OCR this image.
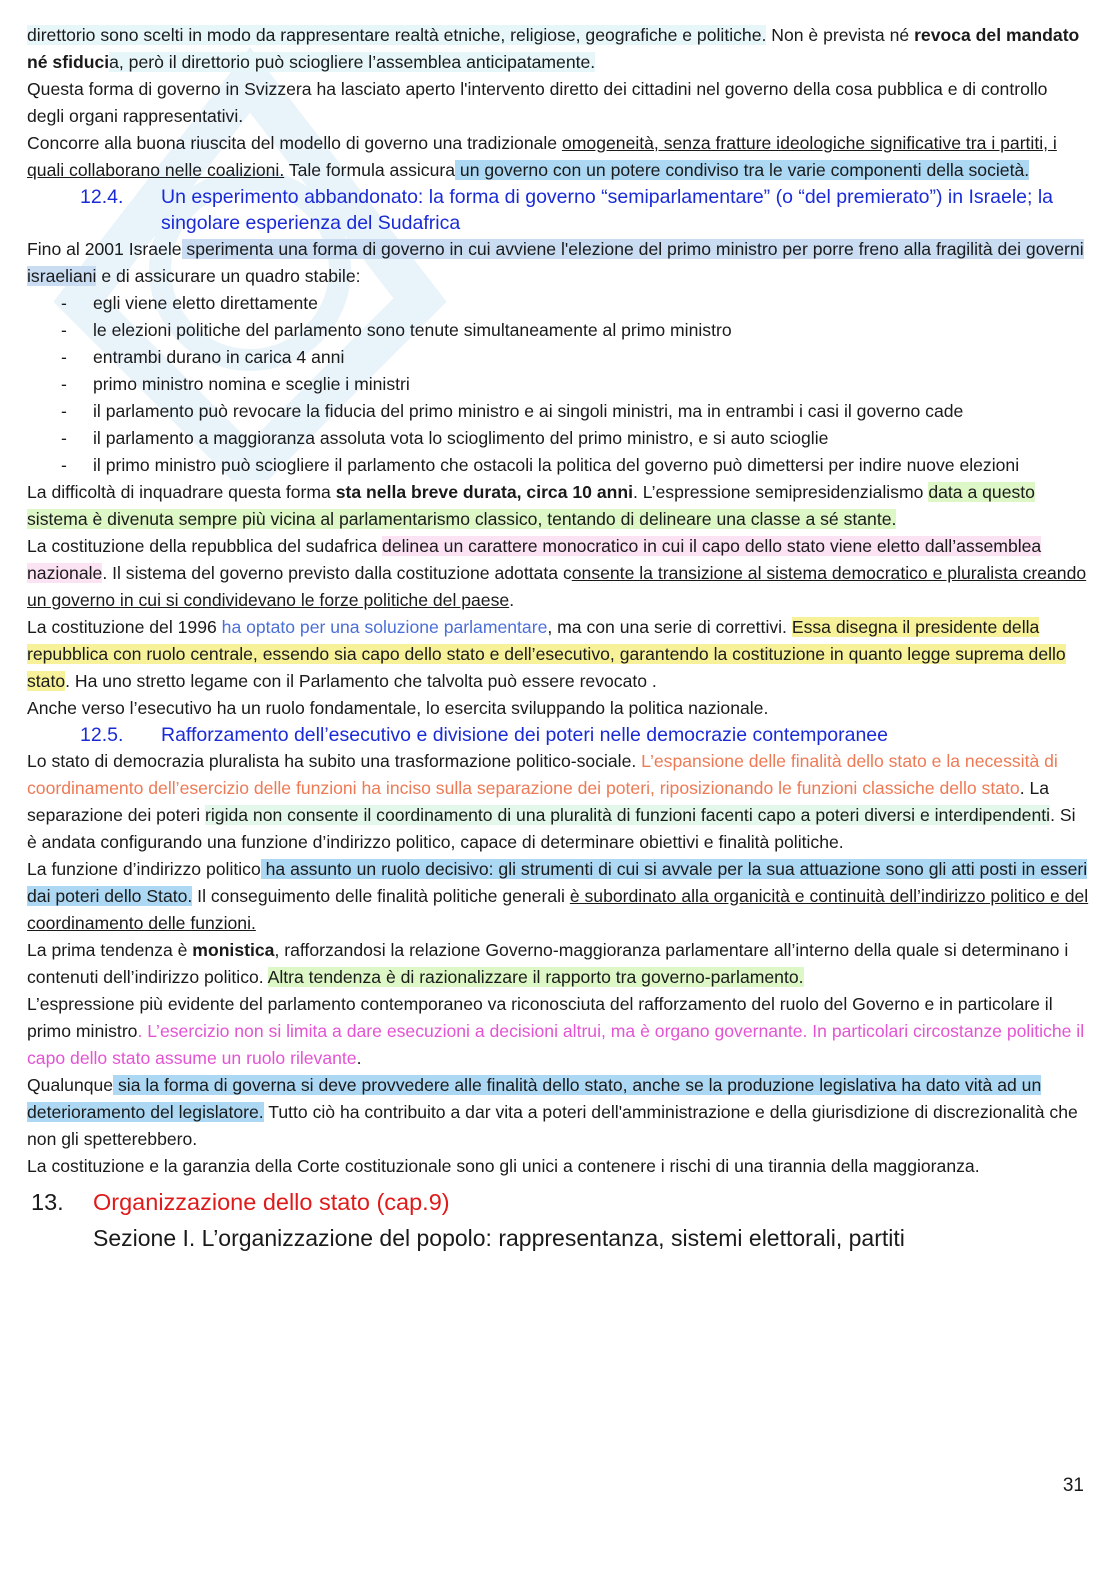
direttorio sono scelti in modo da rappresentare realtà etniche, religiose, geografiche e politiche. Non è prevista né revoca del mandato né sfiducia, però il direttorio può sciogliere l’assemblea anticipatamente.

Questa forma di governo in Svizzera ha lasciato aperto l'intervento diretto dei cittadini nel governo della cosa pubblica e di controllo degli organi rappresentativi.

Concorre alla buona riuscita del modello di governo una tradizionale omogeneità, senza fratture ideologiche significative tra i partiti, i quali collaborano nelle coalizioni. Tale formula assicura un governo con un potere condiviso tra le varie componenti della società.

12.4. Un esperimento abbandonato: la forma di governo “semiparlamentare” (o “del premierato”) in Israele; la singolare esperienza del Sudafrica

Fino al 2001 Israele sperimenta una forma di governo in cui avviene l'elezione del primo ministro per porre freno alla fragilità dei governi israeliani e di assicurare un quadro stabile:

- egli viene eletto direttamente
- le elezioni politiche del parlamento sono tenute simultaneamente al primo ministro
- entrambi durano in carica 4 anni
- primo ministro nomina e sceglie i ministri
- il parlamento può revocare la fiducia del primo ministro e ai singoli ministri, ma in entrambi i casi il governo cade
- il parlamento a maggioranza assoluta vota lo scioglimento del primo ministro, e si auto scioglie
- il primo ministro può sciogliere il parlamento che ostacoli la politica del governo può dimettersi per indire nuove elezioni

La difficoltà di inquadrare questa forma sta nella breve durata, circa 10 anni. L’espressione semipresidenzialismo data a questo sistema è divenuta sempre più vicina al parlamentarismo classico, tentando di delineare una classe a sé stante.

La costituzione della repubblica del sudafrica delinea un carattere monocratico in cui il capo dello stato viene eletto dall’assemblea nazionale. Il sistema del governo previsto dalla costituzione adottata consente la transizione al sistema democratico e pluralista creando un governo in cui si condividevano le forze politiche del paese.

La costituzione del 1996 ha optato per una soluzione parlamentare, ma con una serie di correttivi. Essa disegna il presidente della repubblica con ruolo centrale, essendo sia capo dello stato e dell’esecutivo, garantendo la costituzione in quanto legge suprema dello stato. Ha uno stretto legame con il Parlamento che talvolta può essere revocato .

Anche verso l’esecutivo ha un ruolo fondamentale, lo esercita sviluppando la politica nazionale.

12.5. Rafforzamento dell’esecutivo e divisione dei poteri nelle democrazie contemporanee

Lo stato di democrazia pluralista ha subito una trasformazione politico-sociale. L’espansione delle finalità dello stato e la necessità di coordinamento dell’esercizio delle funzioni ha inciso sulla separazione dei poteri, riposizionando le funzioni classiche dello stato. La separazione dei poteri rigida non consente il coordinamento di una pluralità di funzioni facenti capo a poteri diversi e interdipendenti. Si è andata configurando una funzione d’indirizzo politico, capace di determinare obiettivi e finalità politiche.

La funzione d’indirizzo politico ha assunto un ruolo decisivo: gli strumenti di cui si avvale per la sua attuazione sono gli atti posti in esseri dai poteri dello Stato. Il conseguimento delle finalità politiche generali è subordinato alla organicità e continuità dell’indirizzo politico e del coordinamento delle funzioni.

La prima tendenza è monistica, rafforzandosi la relazione Governo-maggioranza parlamentare all’interno della quale si determinano i contenuti dell’indirizzo politico. Altra tendenza è di razionalizzare il rapporto tra governo-parlamento.

L’espressione più evidente del parlamento contemporaneo va riconosciuta del rafforzamento del ruolo del Governo e in particolare il primo ministro. L’esercizio non si limita a dare esecuzioni a decisioni altrui, ma è organo governante. In particolari circostanze politiche il capo dello stato assume un ruolo rilevante.

Qualunque sia la forma di governa si deve provvedere alle finalità dello stato, anche se la produzione legislativa ha dato vità ad un deterioramento del legislatore. Tutto ciò ha contribuito a dar vita a poteri dell'amministrazione e della giurisdizione di discrezionalità che non gli spetterebbero.

La costituzione e la garanzia della Corte costituzionale sono gli unici a contenere i rischi di una tirannia della maggioranza.

13. Organizzazione dello stato (cap.9)
Sezione I. L’organizzazione del popolo: rappresentanza, sistemi elettorali, partiti
31
